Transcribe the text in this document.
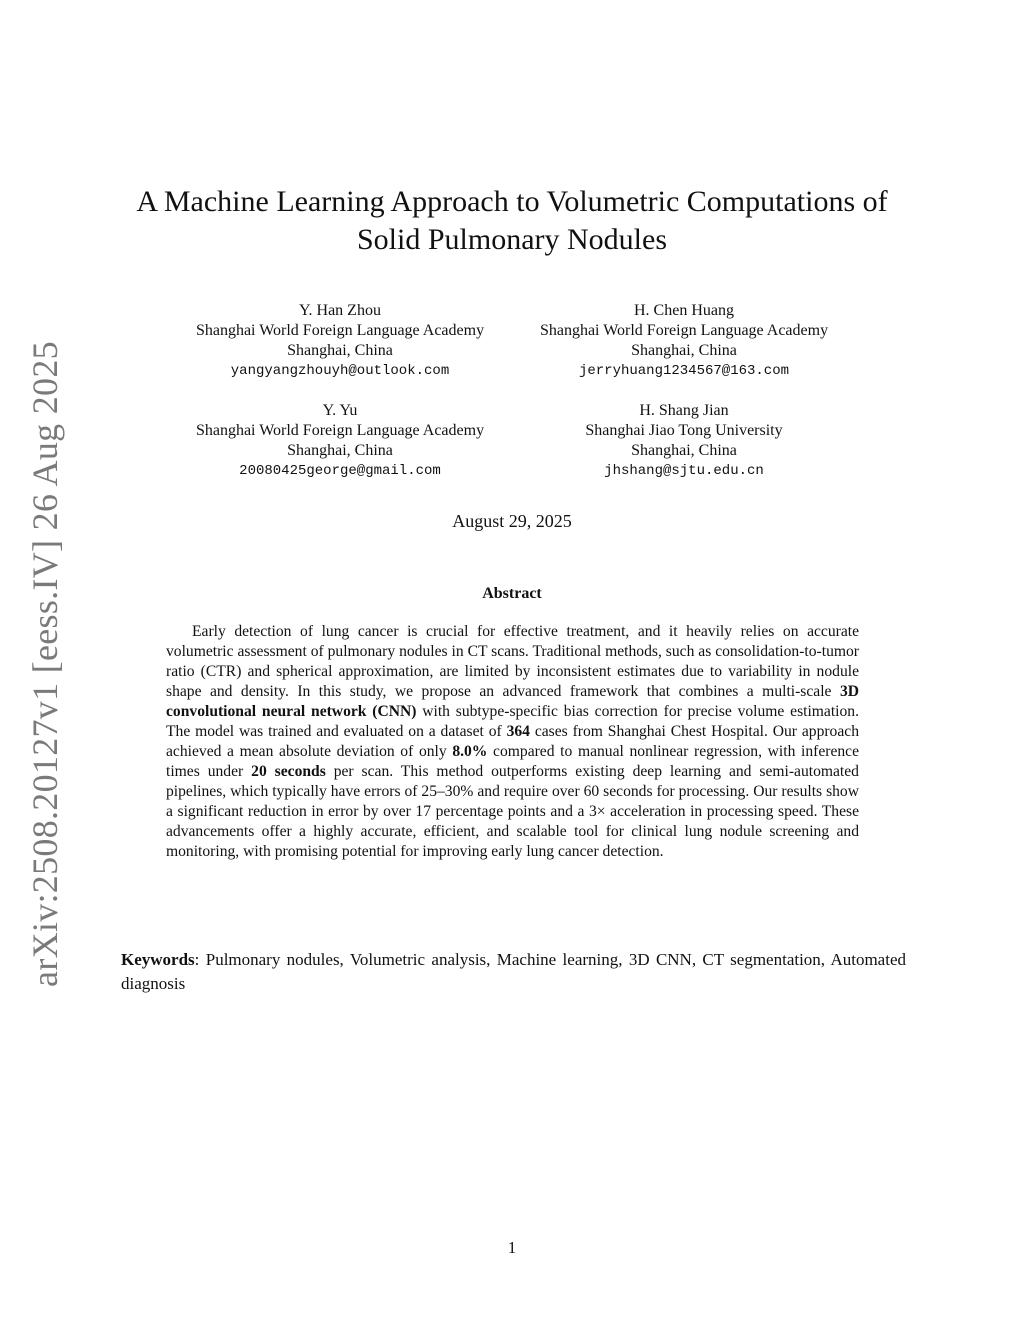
arXiv:2508.20127v1 [eess.IV] 26 Aug 2025
A Machine Learning Approach to Volumetric Computations of
Solid Pulmonary Nodules
Y. Han Zhou
Shanghai World Foreign Language Academy
Shanghai, China
yangyangzhouyh@outlook.com
H. Chen Huang
Shanghai World Foreign Language Academy
Shanghai, China
jerryhuang1234567@163.com
Y. Yu
Shanghai World Foreign Language Academy
Shanghai, China
20080425george@gmail.com
H. Shang Jian
Shanghai Jiao Tong University
Shanghai, China
jhshang@sjtu.edu.cn
August 29, 2025
Abstract

Early detection of lung cancer is crucial for effective treatment, and it heavily relies on accurate volumetric assessment of pulmonary nodules in CT scans. Traditional methods, such as consolidation-to-tumor ratio (CTR) and spherical approximation, are limited by inconsistent estimates due to variability in nodule shape and density. In this study, we propose an advanced framework that combines a multi-scale 3D convolutional neural network (CNN) with subtype-specific bias correction for precise volume estimation. The model was trained and evaluated on a dataset of 364 cases from Shanghai Chest Hospital. Our approach achieved a mean absolute deviation of only 8.0% compared to manual nonlinear regression, with inference times under 20 seconds per scan. This method outperforms existing deep learning and semi-automated pipelines, which typically have errors of 25–30% and require over 60 seconds for processing. Our results show a significant reduction in error by over 17 percentage points and a 3× acceleration in processing speed. These advancements offer a highly accurate, efficient, and scalable tool for clinical lung nodule screening and monitoring, with promising potential for improving early lung cancer detection.

Keywords: Pulmonary nodules, Volumetric analysis, Machine learning, 3D CNN, CT segmentation, Automated diagnosis

1
